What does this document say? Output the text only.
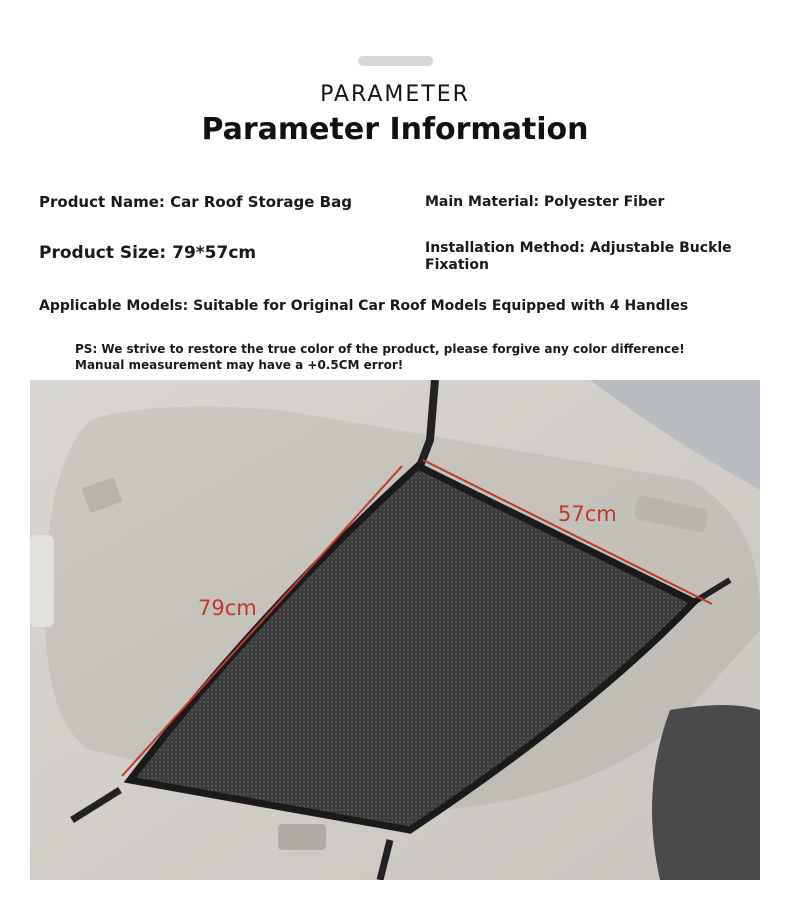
PARAMETER
Parameter Information
Product Name: Car Roof Storage Bag	Main Material: Polyester Fiber
Product Size: 79*57cm	Installation Method: Adjustable Buckle Fixation
Applicable Models: Suitable for Original Car Roof Models Equipped with 4 Handles
PS: We strive to restore the true color of the product, please forgive any color difference! Manual measurement may have a +0.5CM error!
57cm
79cm
